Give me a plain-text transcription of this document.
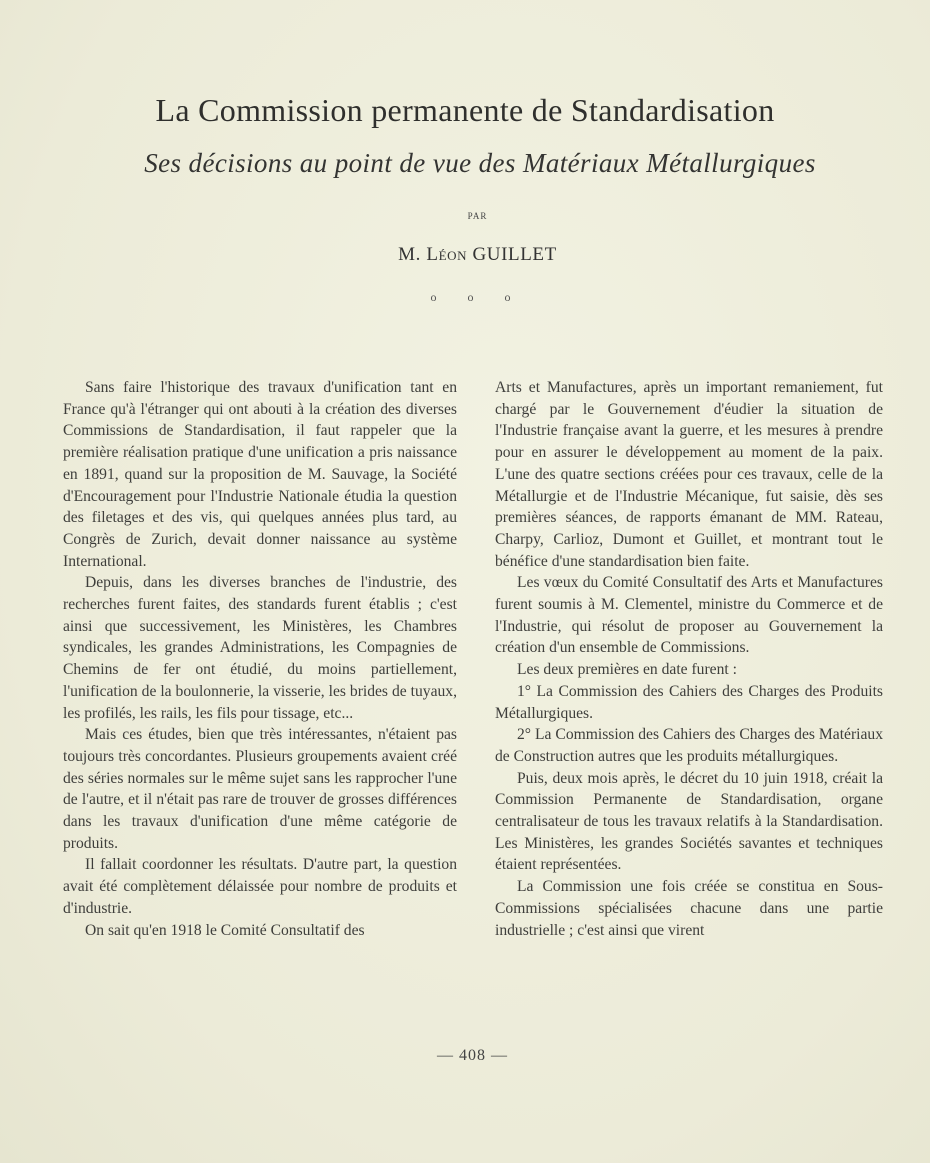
La Commission permanente de Standardisation
Ses décisions au point de vue des Matériaux Métallurgiques
PAR
M. Léon GUILLET
o o o

Sans faire l'historique des travaux d'unification tant en France qu'à l'étranger qui ont abouti à la création des diverses Commissions de Standardisation, il faut rappeler que la première réalisation pratique d'une unification a pris naissance en 1891, quand sur la proposition de M. Sauvage, la Société d'Encouragement pour l'Industrie Nationale étudia la question des filetages et des vis, qui quelques années plus tard, au Congrès de Zurich, devait donner naissance au système International.

Depuis, dans les diverses branches de l'industrie, des recherches furent faites, des standards furent établis ; c'est ainsi que successivement, les Ministères, les Chambres syndicales, les grandes Administrations, les Compagnies de Chemins de fer ont étudié, du moins partiellement, l'unification de la boulonnerie, la visserie, les brides de tuyaux, les profilés, les rails, les fils pour tissage, etc...

Mais ces études, bien que très intéressantes, n'étaient pas toujours très concordantes. Plusieurs groupements avaient créé des séries normales sur le même sujet sans les rapprocher l'une de l'autre, et il n'était pas rare de trouver de grosses différences dans les travaux d'unification d'une même catégorie de produits.

Il fallait coordonner les résultats. D'autre part, la question avait été complètement délaissée pour nombre de produits et d'industrie.

On sait qu'en 1918 le Comité Consultatif des

Arts et Manufactures, après un important remaniement, fut chargé par le Gouvernement d'éudier la situation de l'Industrie française avant la guerre, et les mesures à prendre pour en assurer le développement au moment de la paix. L'une des quatre sections créées pour ces travaux, celle de la Métallurgie et de l'Industrie Mécanique, fut saisie, dès ses premières séances, de rapports émanant de MM. Rateau, Charpy, Carlioz, Dumont et Guillet, et montrant tout le bénéfice d'une standardisation bien faite.

Les vœux du Comité Consultatif des Arts et Manufactures furent soumis à M. Clementel, ministre du Commerce et de l'Industrie, qui résolut de proposer au Gouvernement la création d'un ensemble de Commissions.

Les deux premières en date furent :

1° La Commission des Cahiers des Charges des Produits Métallurgiques.

2° La Commission des Cahiers des Charges des Matériaux de Construction autres que les produits métallurgiques.

Puis, deux mois après, le décret du 10 juin 1918, créait la Commission Permanente de Standardisation, organe centralisateur de tous les travaux relatifs à la Standardisation. Les Ministères, les grandes Sociétés savantes et techniques étaient représentées.

La Commission une fois créée se constitua en Sous-Commissions spécialisées chacune dans une partie industrielle ; c'est ainsi que virent

— 408 —
